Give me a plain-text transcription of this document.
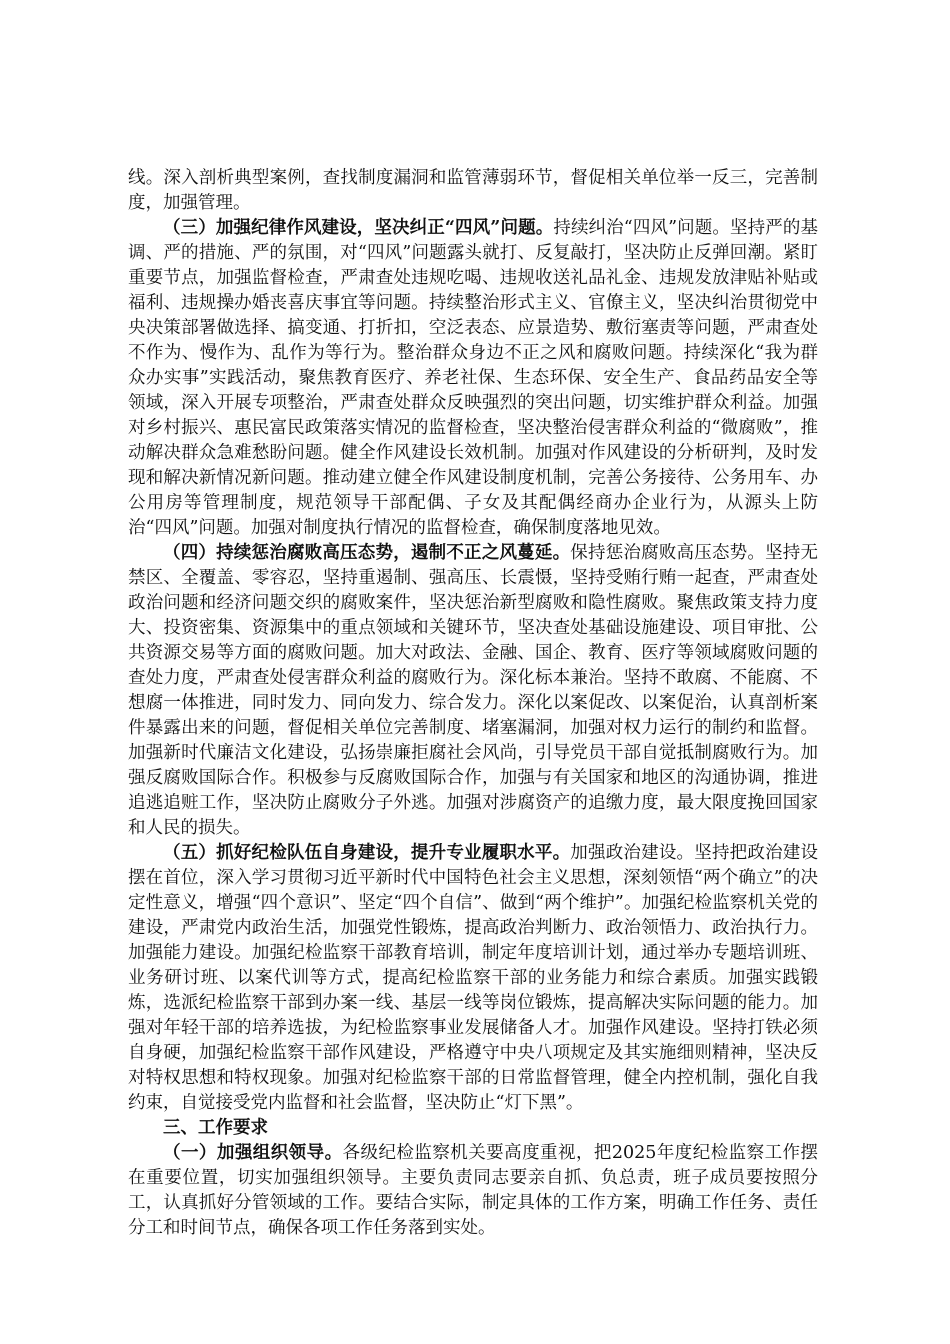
线。深入剖析典型案例，查找制度漏洞和监管薄弱环节，督促相关单位举一反三，完善制度，加强管理。

（三）加强纪律作风建设，坚决纠正“四风”问题。持续纠治“四风”问题。坚持严的基调、严的措施、严的氛围，对“四风”问题露头就打、反复敲打，坚决防止反弹回潮。紧盯重要节点，加强监督检查，严肃查处违规吃喝、违规收送礼品礼金、违规发放津贴补贴或福利、违规操办婚丧喜庆事宜等问题。持续整治形式主义、官僚主义，坚决纠治贯彻党中央决策部署做选择、搞变通、打折扣，空泛表态、应景造势、敷衍塞责等问题，严肃查处不作为、慢作为、乱作为等行为。整治群众身边不正之风和腐败问题。持续深化“我为群众办实事”实践活动，聚焦教育医疗、养老社保、生态环保、安全生产、食品药品安全等领域，深入开展专项整治，严肃查处群众反映强烈的突出问题，切实维护群众利益。加强对乡村振兴、惠民富民政策落实情况的监督检查，坚决整治侵害群众利益的“微腐败”，推动解决群众急难愁盼问题。健全作风建设长效机制。加强对作风建设的分析研判，及时发现和解决新情况新问题。推动建立健全作风建设制度机制，完善公务接待、公务用车、办公用房等管理制度，规范领导干部配偶、子女及其配偶经商办企业行为，从源头上防治“四风”问题。加强对制度执行情况的监督检查，确保制度落地见效。

（四）持续惩治腐败高压态势，遏制不正之风蔓延。保持惩治腐败高压态势。坚持无禁区、全覆盖、零容忍，坚持重遏制、强高压、长震慑，坚持受贿行贿一起查，严肃查处政治问题和经济问题交织的腐败案件，坚决惩治新型腐败和隐性腐败。聚焦政策支持力度大、投资密集、资源集中的重点领域和关键环节，坚决查处基础设施建设、项目审批、公共资源交易等方面的腐败问题。加大对政法、金融、国企、教育、医疗等领域腐败问题的查处力度，严肃查处侵害群众利益的腐败行为。深化标本兼治。坚持不敢腐、不能腐、不想腐一体推进，同时发力、同向发力、综合发力。深化以案促改、以案促治，认真剖析案件暴露出来的问题，督促相关单位完善制度、堵塞漏洞，加强对权力运行的制约和监督。加强新时代廉洁文化建设，弘扬崇廉拒腐社会风尚，引导党员干部自觉抵制腐败行为。加强反腐败国际合作。积极参与反腐败国际合作，加强与有关国家和地区的沟通协调，推进追逃追赃工作，坚决防止腐败分子外逃。加强对涉腐资产的追缴力度，最大限度挽回国家和人民的损失。

（五）抓好纪检队伍自身建设，提升专业履职水平。加强政治建设。坚持把政治建设摆在首位，深入学习贯彻习近平新时代中国特色社会主义思想，深刻领悟“两个确立”的决定性意义，增强“四个意识”、坚定“四个自信”、做到“两个维护”。加强纪检监察机关党的建设，严肃党内政治生活，加强党性锻炼，提高政治判断力、政治领悟力、政治执行力。加强能力建设。加强纪检监察干部教育培训，制定年度培训计划，通过举办专题培训班、业务研讨班、以案代训等方式，提高纪检监察干部的业务能力和综合素质。加强实践锻炼，选派纪检监察干部到办案一线、基层一线等岗位锻炼，提高解决实际问题的能力。加强对年轻干部的培养选拔，为纪检监察事业发展储备人才。加强作风建设。坚持打铁必须自身硬，加强纪检监察干部作风建设，严格遵守中央八项规定及其实施细则精神，坚决反对特权思想和特权现象。加强对纪检监察干部的日常监督管理，健全内控机制，强化自我约束，自觉接受党内监督和社会监督，坚决防止“灯下黑”。

三、工作要求

（一）加强组织领导。各级纪检监察机关要高度重视，把2025年度纪检监察工作摆在重要位置，切实加强组织领导。主要负责同志要亲自抓、负总责，班子成员要按照分工，认真抓好分管领域的工作。要结合实际，制定具体的工作方案，明确工作任务、责任分工和时间节点，确保各项工作任务落到实处。
